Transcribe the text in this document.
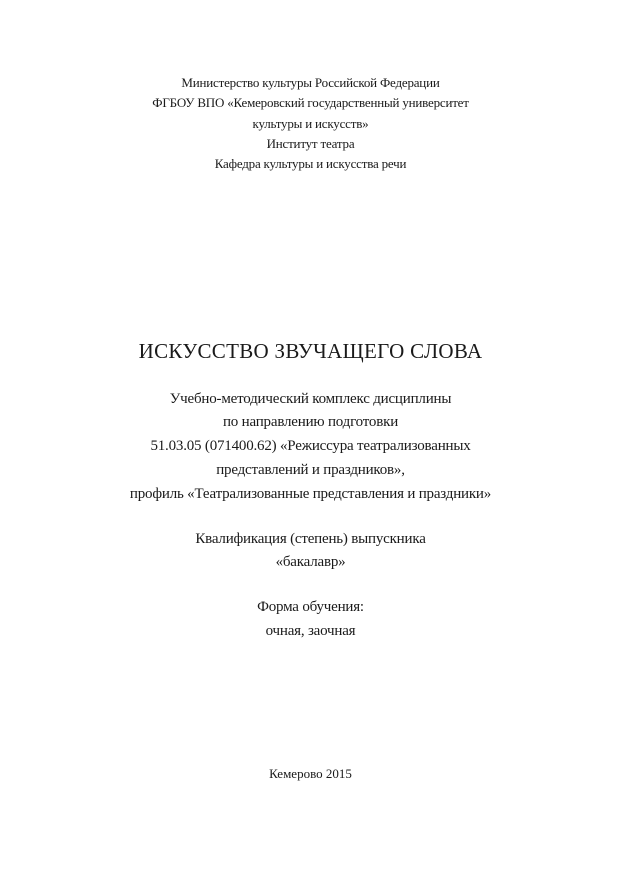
Министерство культуры Российской Федерации
ФГБОУ ВПО «Кемеровский государственный университет
культуры и искусств»
Институт театра
Кафедра культуры и искусства речи
ИСКУССТВО ЗВУЧАЩЕГО СЛОВА
Учебно-методический комплекс дисциплины
по направлению подготовки
51.03.05 (071400.62) «Режиссура театрализованных
представлений и праздников»,
профиль «Театрализованные представления и праздники»
Квалификация (степень) выпускника
«бакалавр»
Форма обучения:
очная, заочная
Кемерово 2015
